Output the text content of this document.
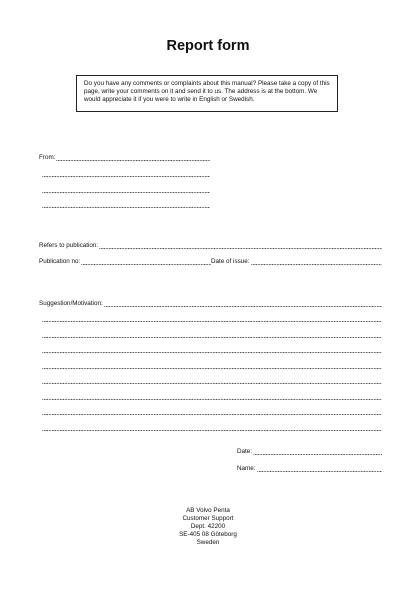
Report form
Do you have any comments or complaints about this manual? Please take a copy of this page, write your comments on it and send it to us. The address is at the bottom. We would appreciate it if you were to write in English or Swedish.
From:
Refers to publication:
Publication no:	Date of issue:
Suggestion/Motivation:
Date:
Name:
AB Volvo Penta
Customer Support
Dept. 42200
SE-405 08 Göteborg
Sweden
